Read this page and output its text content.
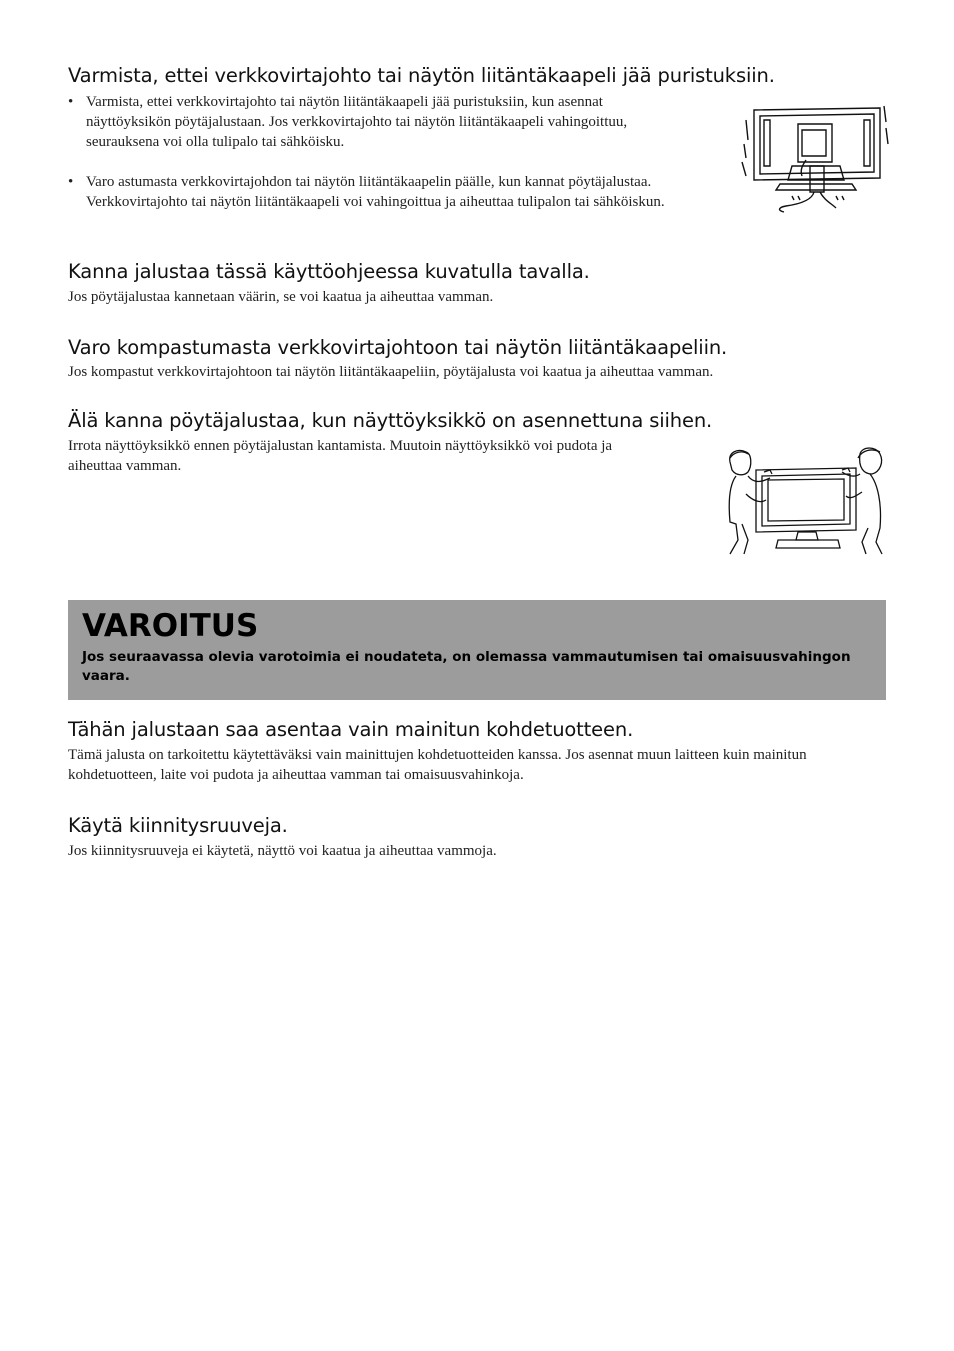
Varmista, ettei verkkovirtajohto tai näytön liitäntäkaapeli jää puristuksiin.
• Varmista, ettei verkkovirtajohto tai näytön liitäntäkaapeli jää puristuksiin, kun asennat näyttöyksikön pöytäjalustaan. Jos verkkovirtajohto tai näytön liitäntäkaapeli vahingoittuu, seurauksena voi olla tulipalo tai sähköisku.
• Varo astumasta verkkovirtajohdon tai näytön liitäntäkaapelin päälle, kun kannat pöytäjalustaa. Verkkovirtajohto tai näytön liitäntäkaapeli voi vahingoittua ja aiheuttaa tulipalon tai sähköiskun.
Kanna jalustaa tässä käyttöohjeessa kuvatulla tavalla.
Jos pöytäjalustaa kannetaan väärin, se voi kaatua ja aiheuttaa vamman.
Varo kompastumasta verkkovirtajohtoon tai näytön liitäntäkaapeliin.
Jos kompastut verkkovirtajohtoon tai näytön liitäntäkaapeliin, pöytäjalusta voi kaatua ja aiheuttaa vamman.
Älä kanna pöytäjalustaa, kun näyttöyksikkö on asennettuna siihen.
Irrota näyttöyksikkö ennen pöytäjalustan kantamista. Muutoin näyttöyksikkö voi pudota ja aiheuttaa vamman.
VAROITUS
Jos seuraavassa olevia varotoimia ei noudateta, on olemassa vammautumisen tai omaisuusvahingon vaara.
Tähän jalustaan saa asentaa vain mainitun kohdetuotteen.
Tämä jalusta on tarkoitettu käytettäväksi vain mainittujen kohdetuotteiden kanssa. Jos asennat muun laitteen kuin mainitun kohdetuotteen, laite voi pudota ja aiheuttaa vamman tai omaisuusvahinkoja.
Käytä kiinnitysruuveja.
Jos kiinnitysruuveja ei käytetä, näyttö voi kaatua ja aiheuttaa vammoja.
